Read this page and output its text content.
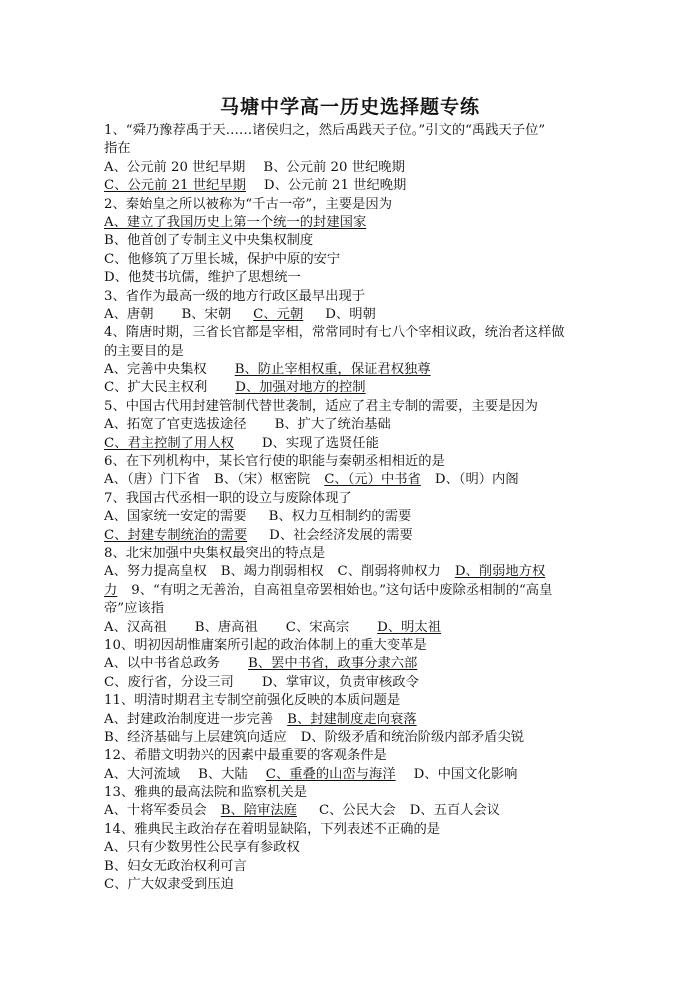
马塘中学高一历史选择题专练
1、“舜乃豫荐禹于天……诸侯归之，然后禹践天子位。”引文的“禹践天子位”
指在
A、公元前 20 世纪早期 B、公元前 20 世纪晚期
C、公元前 21 世纪早期 D、公元前 21 世纪晚期
2、秦始皇之所以被称为“千古一帝”，主要是因为
A、建立了我国历史上第一个统一的封建国家
B、他首创了专制主义中央集权制度
C、他修筑了万里长城，保护中原的安宁
D、他焚书坑儒，维护了思想统一
3、省作为最高一级的地方行政区最早出现于
A、唐朝 B、宋朝 C、元朝 D、明朝
4、隋唐时期，三省长官都是宰相，常常同时有七八个宰相议政，统治者这样做
的主要目的是
A、完善中央集权 B、防止宰相权重，保证君权独尊
C、扩大民主权利 D、加强对地方的控制
5、中国古代用封建管制代替世袭制，适应了君主专制的需要，主要是因为
A、拓宽了官吏选拔途径 B、扩大了统治基础
C、君主控制了用人权 D、实现了选贤任能
6、在下列机构中，某长官行使的职能与秦朝丞相相近的是
A、（唐）门下省 B、（宋）枢密院 C、（元）中书省 D、（明）内阁
7、我国古代丞相一职的设立与废除体现了
A、国家统一安定的需要 B、权力互相制约的需要
C、封建专制统治的需要 D、社会经济发展的需要
8、北宋加强中央集权最突出的特点是
A、努力提高皇权 B、竭力削弱相权 C、削弱将帅权力 D、削弱地方权
力 9、“有明之无善治，自高祖皇帝罢相始也。”这句话中废除丞相制的“高皇
帝”应该指
A、汉高祖 B、唐高祖 C、宋高宗 D、明太祖
10、明初因胡惟庸案所引起的政治体制上的重大变革是
A、以中书省总政务 B、罢中书省，政事分隶六部
C、废行省，分设三司 D、掌审议，负责审核政令
11、明清时期君主专制空前强化反映的本质问题是
A、封建政治制度进一步完善 B、封建制度走向衰落
B、经济基础与上层建筑向适应 D、阶级矛盾和统治阶级内部矛盾尖锐
12、希腊文明勃兴的因素中最重要的客观条件是
A、大河流域 B、大陆 C、重叠的山峦与海洋 D、中国文化影响
13、雅典的最高法院和监察机关是
A、十将军委员会 B、陪审法庭 C、公民大会 D、五百人会议
14、雅典民主政治存在着明显缺陷，下列表述不正确的是
A、只有少数男性公民享有参政权
B、妇女无政治权利可言
C、广大奴隶受到压迫
